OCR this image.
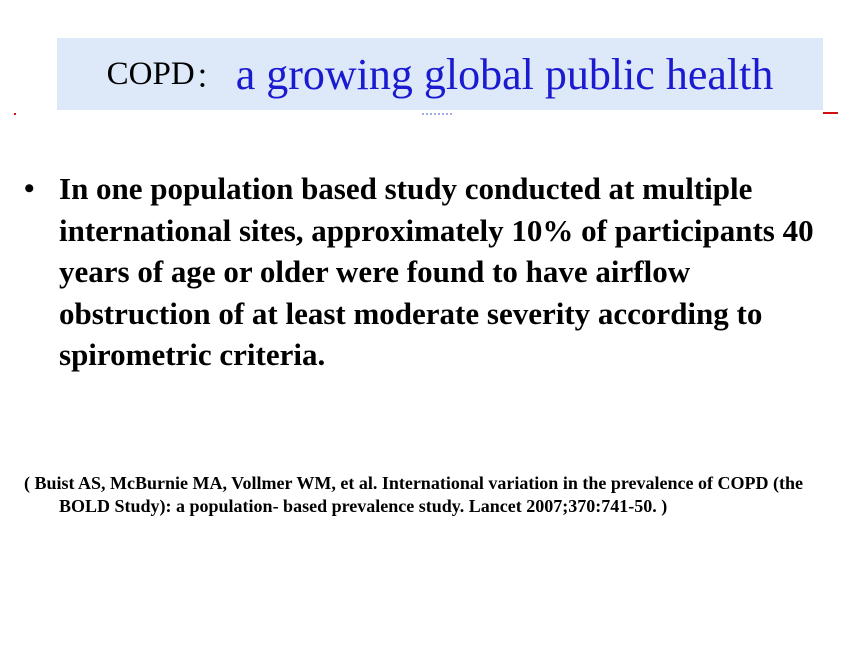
COPD ： a growing global public health
• In one population based study conducted at multiple international sites, approximately 10% of participants 40 years of age or older were found to have airflow obstruction of at least moderate severity according to spirometric criteria.
( Buist AS, McBurnie MA, Vollmer WM, et al. International variation in the prevalence of COPD (the BOLD Study): a population- based prevalence study. Lancet 2007;370:741-50. )
